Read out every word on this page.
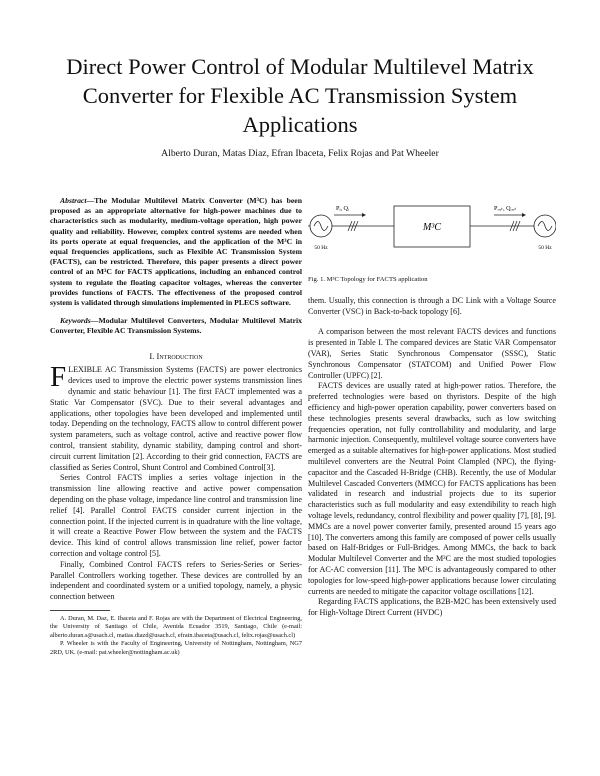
Direct Power Control of Modular Multilevel Matrix
Converter for Flexible AC Transmission System
Applications
Alberto Duran, Matas Diaz, Efran Ibaceta, Felix Rojas and Pat Wheeler

Abstract—The Modular Multilevel Matrix Converter (M³C) has been proposed as an appropriate alternative for high-power machines due to characteristics such as modularity, medium-voltage operation, high power quality and reliability. However, complex control systems are needed when its ports operate at equal frequencies, and the application of the M³C in equal frequencies applications, such as Flexible AC Transmission System (FACTS), can be restricted. Therefore, this paper presents a direct power control of an M³C for FACTS applications, including an enhanced control system to regulate the floating capacitor voltages, whereas the converter provides functions of FACTS. The effectiveness of the proposed control system is validated through simulations implemented in PLECS software.

Keywords—Modular Multilevel Converters, Modular Multilevel Matrix Converter, Flexible AC Transmission Systems.

I. Introduction

FLEXIBLE AC Transmission Systems (FACTS) are power electronics devices used to improve the electric power systems transmission lines dynamic and static behaviour [1]. The first FACT implemented was a Static Var Compensator (SVC). Due to their several advantages and applications, other topologies have been developed and implemented until today. Depending on the technology, FACTS allow to control different power system parameters, such as voltage control, active and reactive power flow control, transient stability, dynamic stability, damping control and short-circuit current limitation [2]. According to their grid connection, FACTS are classified as Series Control, Shunt Control and Combined Control[3].

Series Control FACTS implies a series voltage injection in the transmission line allowing reactive and active power compensation depending on the phase voltage, impedance line control and transmission line relief [4]. Parallel Control FACTS consider current injection in the connection point. If the injected current is in quadrature with the line voltage, it will create a Reactive Power Flow between the system and the FACTS device. This kind of control allows transmission line relief, power factor correction and voltage control [5].

Finally, Combined Control FACTS refers to Series-Series or Series-Parallel Controllers working together. These devices are controlled by an independent and coordinated system or a unified topology, namely, a physic connection between

A. Duran, M. Daz, E. Ibaceta and F. Rojas are with the Department of Electrical Engineering, the University of Santiago of Chile, Avenida Ecuador 3519, Santiago, Chile (e-mail: alberto.duran.s@usach.cl, matias.diazd@usach.cl, efrain.ibaceta@usach.cl, felix.rojas@usach.cl)

P. Wheeler is with the Faculty of Engineering, University of Nottingham, Nottingham, NG7 2RD, UK. (e-mail: pat.wheeler@nottingham.ac.uk)

M³C
Pᵢ, Qᵢ	Pₒᵤₜ, Qₒᵤₜ
50 Hz	50 Hz

Fig. 1. M³C Topology for FACTS application

them. Usually, this connection is through a DC Link with a Voltage Source Converter (VSC) in Back-to-back topology [6].

A comparison between the most relevant FACTS devices and functions is presented in Table I. The compared devices are Static VAR Compensator (VAR), Series Static Synchronous Compensator (SSSC), Static Synchronous Compensator (STATCOM) and Unified Power Flow Controller (UPFC) [2].

FACTS devices are usually rated at high-power ratios. Therefore, the preferred technologies were based on thyristors. Despite of the high efficiency and high-power operation capability, power converters based on these technologies presents several drawbacks, such as low switching frequencies operation, not fully controllability and modularity, and large harmonic injection. Consequently, multilevel voltage source converters have emerged as a suitable alternatives for high-power applications. Most studied multilevel converters are the Neutral Point Clampled (NPC), the flying-capacitor and the Cascaded H-Bridge (CHB). Recently, the use of Modular Multilevel Cascaded Converters (MMCC) for FACTS applications has been validated in research and industrial projects due to its superior characteristics such as full modularity and easy extendibility to reach high voltage levels, redundancy, control flexibility and power quality [7], [8], [9]. MMCs are a novel power converter family, presented around 15 years ago [10]. The converters among this family are composed of power cells usually based on Half-Bridges or Full-Bridges. Among MMCs, the back to back Modular Multilevel Converter and the M³C are the most studied topologies for AC-AC conversion [11]. The M³C is advantageously compared to other topologies for low-speed high-power applications because lower circulating currents are needed to mitigate the capacitor voltage oscillations [12].

Regarding FACTS applications, the B2B-M2C has been extensively used for High-Voltage Direct Current (HVDC)
